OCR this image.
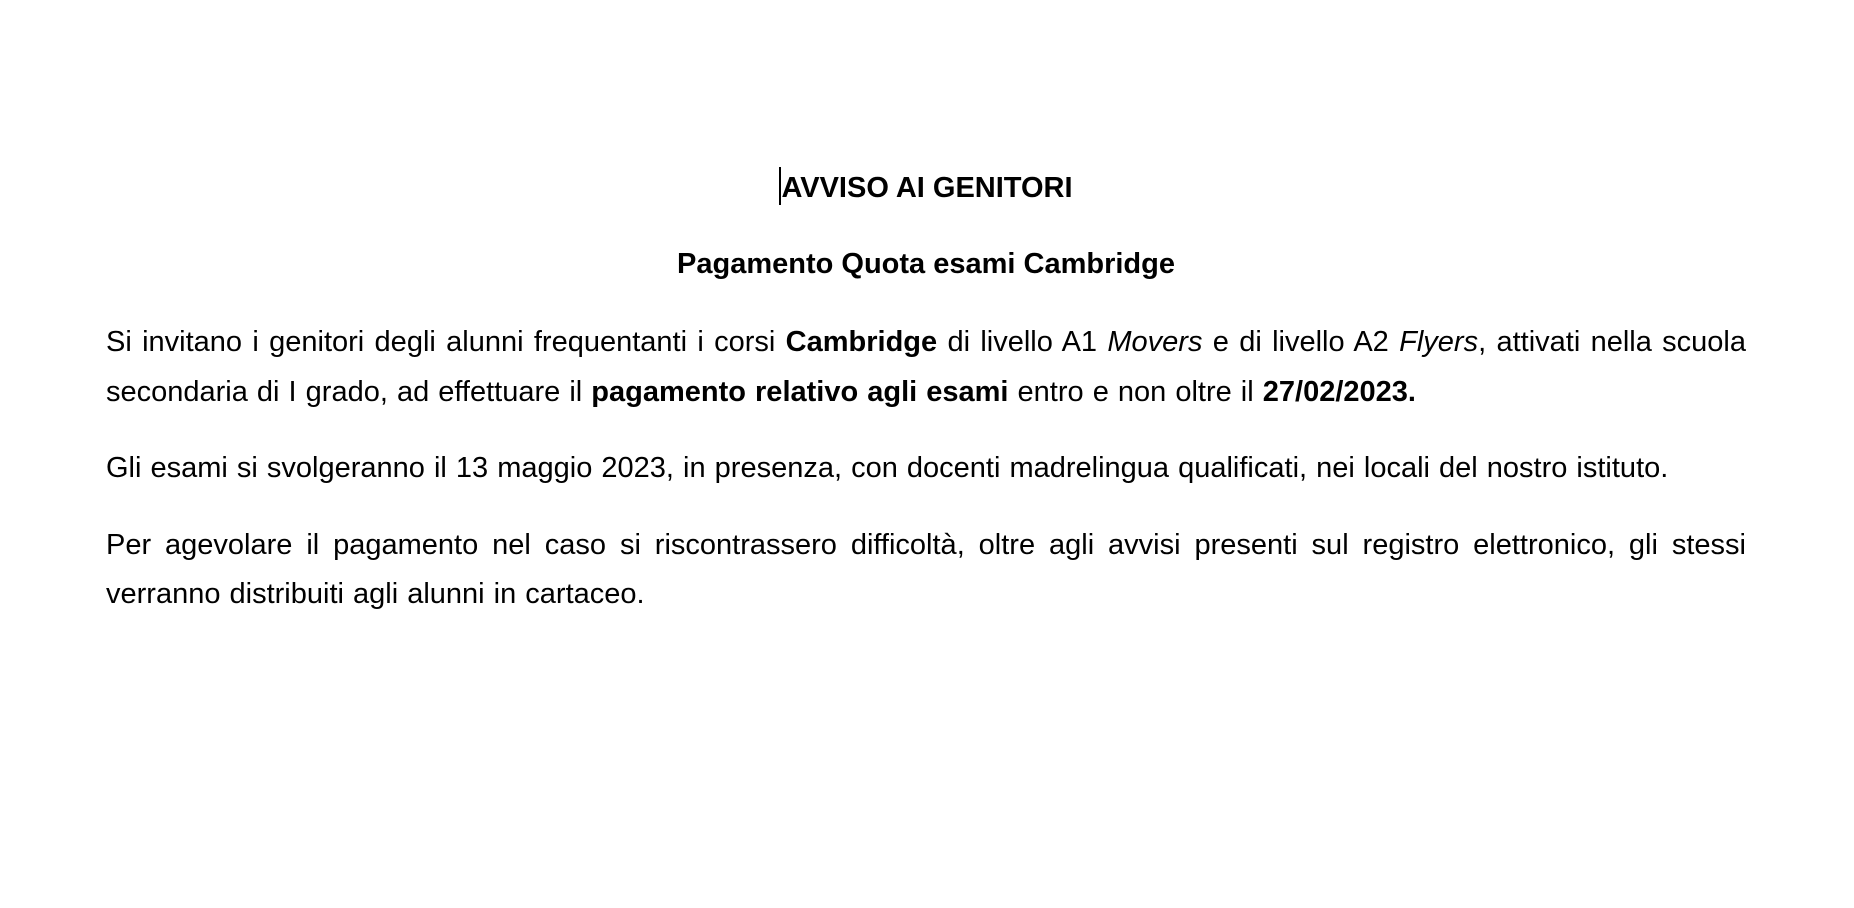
AVVISO AI GENITORI
Pagamento Quota esami Cambridge

Si invitano i genitori degli alunni frequentanti i corsi Cambridge di livello A1 Movers e di livello A2 Flyers, attivati nella scuola secondaria di I grado, ad effettuare il pagamento relativo agli esami entro e non oltre il 27/02/2023.

Gli esami si svolgeranno il 13 maggio 2023, in presenza, con docenti madrelingua qualificati, nei locali del nostro istituto.

Per agevolare il pagamento nel caso si riscontrassero difficoltà, oltre agli avvisi presenti sul registro elettronico, gli stessi verranno distribuiti agli alunni in cartaceo.
